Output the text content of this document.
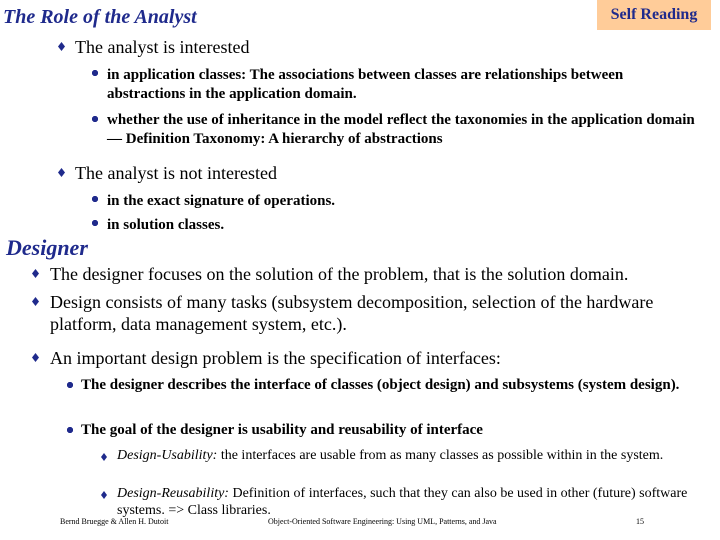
The Role of the Analyst	Self Reading
The analyst is interested
in application classes: The associations between classes are relationships between abstractions in the application domain.
whether the use of inheritance in the model reflect the taxonomies in the application domain — Definition Taxonomy: A hierarchy of abstractions
The analyst is not interested
in the exact signature of operations.
in solution classes.
Designer
The designer focuses on the solution of the problem, that is the solution domain.
Design consists of many tasks (subsystem decomposition, selection of the hardware platform, data management system, etc.).
An important design problem is the specification of interfaces:
The designer describes the interface of classes (object design) and subsystems (system design).
The goal of the designer is usability and reusability of interface
Design-Usability: the interfaces are usable from as many classes as possible within in the system.
Design-Reusability: Definition of interfaces, such that they can also be used in other (future) software systems. => Class libraries.
Bernd Bruegge & Allen H. Dutoit	Object-Oriented Software Engineering: Using UML, Patterns, and Java	15
